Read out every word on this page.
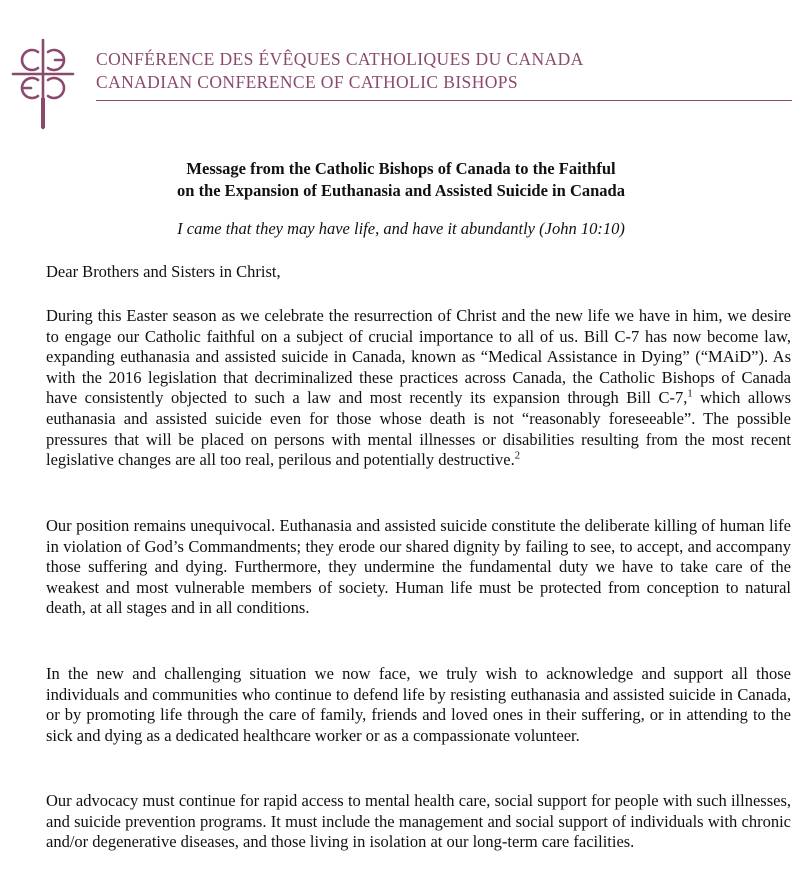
CONFÉRENCE DES ÉVÊQUES CATHOLIQUES DU CANADA
CANADIAN CONFERENCE OF CATHOLIC BISHOPS
Message from the Catholic Bishops of Canada to the Faithful
on the Expansion of Euthanasia and Assisted Suicide in Canada
I came that they may have life, and have it abundantly (John 10:10)
Dear Brothers and Sisters in Christ,

During this Easter season as we celebrate the resurrection of Christ and the new life we have in him, we desire to engage our Catholic faithful on a subject of crucial importance to all of us. Bill C-7 has now become law, expanding euthanasia and assisted suicide in Canada, known as “Medical Assistance in Dying” (“MAiD”). As with the 2016 legislation that decriminalized these practices across Canada, the Catholic Bishops of Canada have consistently objected to such a law and most recently its expansion through Bill C-7,$^1$ which allows euthanasia and assisted suicide even for those whose death is not “reasonably foreseeable”. The possible pressures that will be placed on persons with mental illnesses or disabilities resulting from the most recent legislative changes are all too real, perilous and potentially destructive.$^2$

Our position remains unequivocal. Euthanasia and assisted suicide constitute the deliberate killing of human life in violation of God’s Commandments; they erode our shared dignity by failing to see, to accept, and accompany those suffering and dying. Furthermore, they undermine the fundamental duty we have to take care of the weakest and most vulnerable members of society. Human life must be protected from conception to natural death, at all stages and in all conditions.

In the new and challenging situation we now face, we truly wish to acknowledge and support all those individuals and communities who continue to defend life by resisting euthanasia and assisted suicide in Canada, or by promoting life through the care of family, friends and loved ones in their suffering, or in attending to the sick and dying as a dedicated healthcare worker or as a compassionate volunteer.

Our advocacy must continue for rapid access to mental health care, social support for people with such illnesses, and suicide prevention programs. It must include the management and social support of individuals with chronic and/or degenerative diseases, and those living in isolation at our long-term care facilities.
